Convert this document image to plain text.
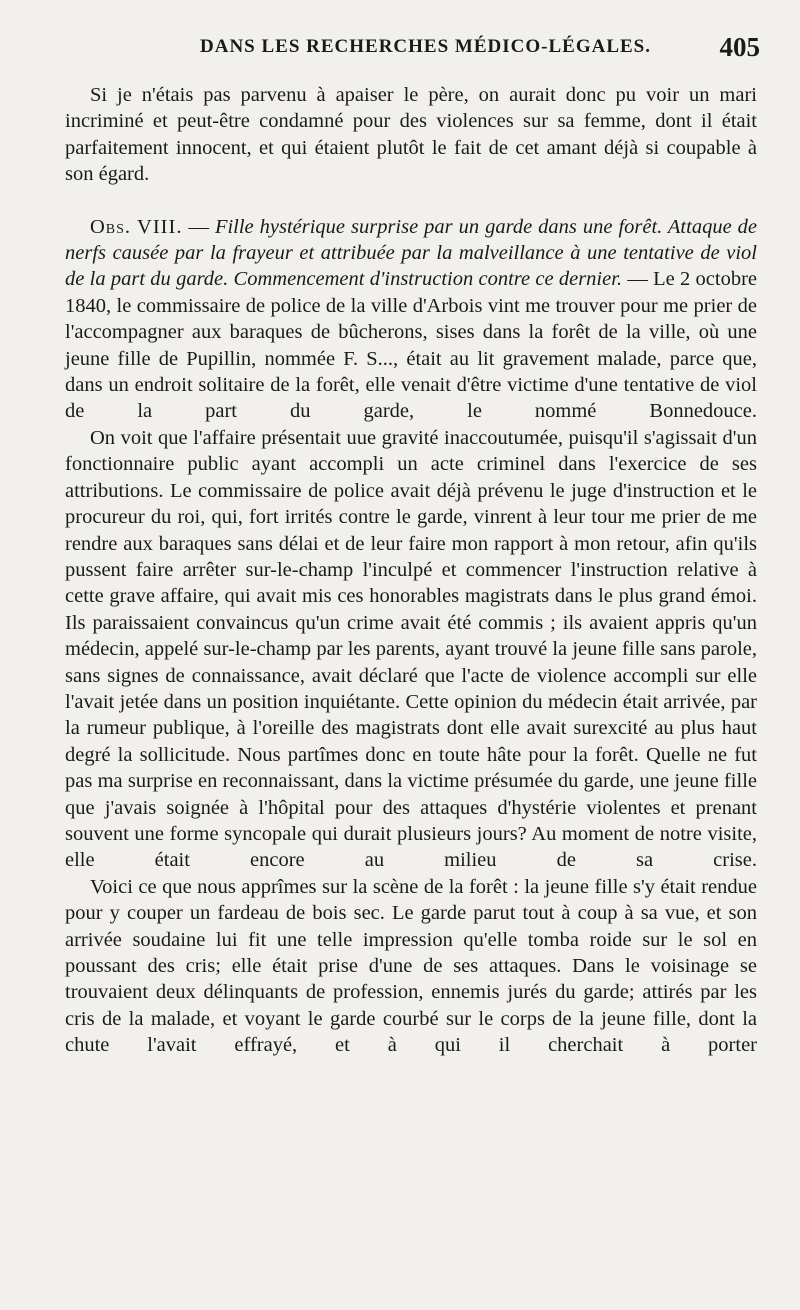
DANS LES RECHERCHES MÉDICO-LÉGALES.	405

Si je n'étais pas parvenu à apaiser le père, on aurait donc pu voir un mari incriminé et peut-être condamné pour des violences sur sa femme, dont il était parfaitement innocent, et qui étaient plutôt le fait de cet amant déjà si coupable à son égard.

Obs. VIII. — Fille hystérique surprise par un garde dans une forêt. Attaque de nerfs causée par la frayeur et attribuée par la malveillance à une tentative de viol de la part du garde. Commencement d'instruction contre ce dernier. — Le 2 octobre 1840, le commissaire de police de la ville d'Arbois vint me trouver pour me prier de l'accompagner aux baraques de bûcherons, sises dans la forêt de la ville, où une jeune fille de Pupillin, nommée F. S..., était au lit gravement malade, parce que, dans un endroit solitaire de la forêt, elle venait d'être victime d'une tentative de viol de la part du garde, le nommé Bonnedouce.

On voit que l'affaire présentait uue gravité inaccoutumée, puisqu'il s'agissait d'un fonctionnaire public ayant accompli un acte criminel dans l'exercice de ses attributions. Le commissaire de police avait déjà prévenu le juge d'instruction et le procureur du roi, qui, fort irrités contre le garde, vinrent à leur tour me prier de me rendre aux baraques sans délai et de leur faire mon rapport à mon retour, afin qu'ils pussent faire arrêter sur-le-champ l'inculpé et commencer l'instruction relative à cette grave affaire, qui avait mis ces honorables magistrats dans le plus grand émoi. Ils paraissaient convaincus qu'un crime avait été commis ; ils avaient appris qu'un médecin, appelé sur-le-champ par les parents, ayant trouvé la jeune fille sans parole, sans signes de connaissance, avait déclaré que l'acte de violence accompli sur elle l'avait jetée dans un position inquiétante. Cette opinion du médecin était arrivée, par la rumeur publique, à l'oreille des magistrats dont elle avait surexcité au plus haut degré la sollicitude. Nous partîmes donc en toute hâte pour la forêt. Quelle ne fut pas ma surprise en reconnaissant, dans la victime présumée du garde, une jeune fille que j'avais soignée à l'hôpital pour des attaques d'hystérie violentes et prenant souvent une forme syncopale qui durait plusieurs jours? Au moment de notre visite, elle était encore au milieu de sa crise.

Voici ce que nous apprîmes sur la scène de la forêt : la jeune fille s'y était rendue pour y couper un fardeau de bois sec. Le garde parut tout à coup à sa vue, et son arrivée soudaine lui fit une telle impression qu'elle tomba roide sur le sol en poussant des cris; elle était prise d'une de ses attaques. Dans le voisinage se trouvaient deux délinquants de profession, ennemis jurés du garde; attirés par les cris de la malade, et voyant le garde courbé sur le corps de la jeune fille, dont la chute l'avait effrayé, et à qui il cherchait à porter
